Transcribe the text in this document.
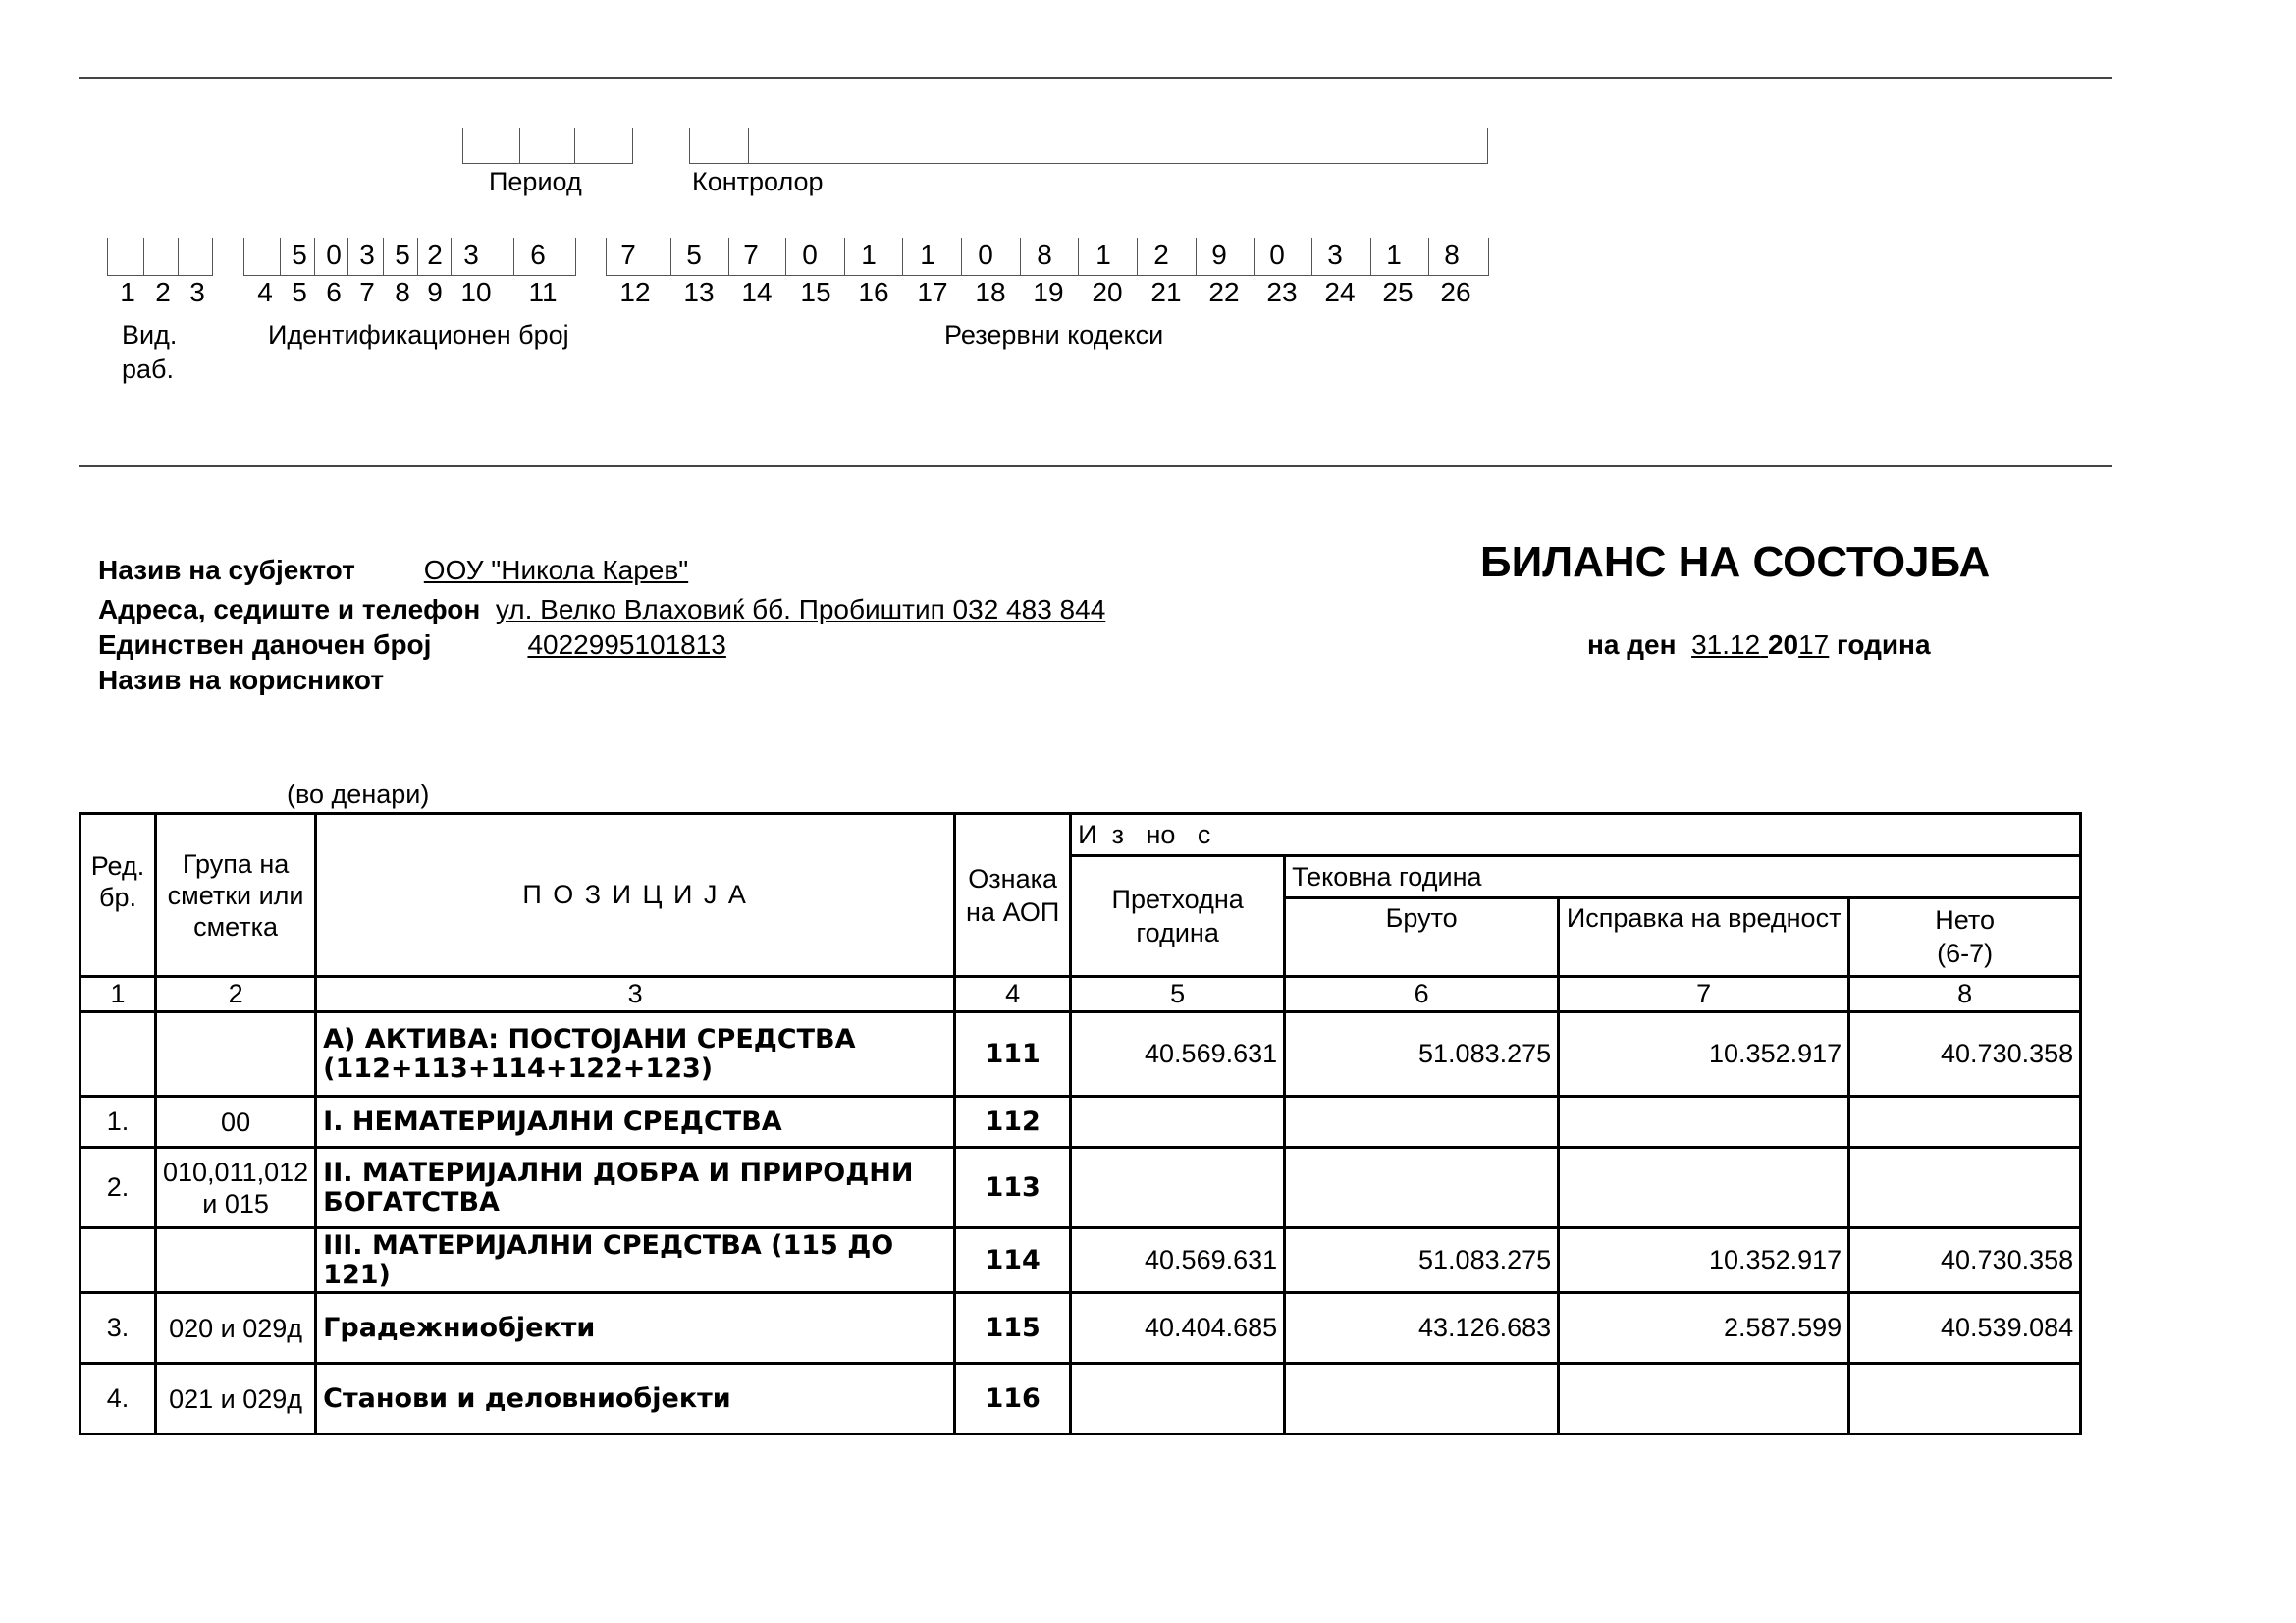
Период	Контролор
5 0 3 5 2 3	6	7	5	7	0	1	1	0	8	1	2	9	0	3	1	8
1 2 3	4 5 6 7 8 9 10 11 12 13 14 15 16 17 18 19 20 21 22 23 24 25 26
Вид.
раб.
Идентификационен број	Резервни кодекси
Назив на субјектот	ООУ "Никола Карев"
Адреса, седиште и телефон ул. Велко Влаховиќ бб. Пробиштип 032 483 844
Единствен даночен број	4022995101813
Назив на корисникот
БИЛАНС НА СОСТОЈБА
на ден 31.12 2017 година
(во денари)
Ред. бр.	Група на сметки или сметка	П О З И Ц И Ј А	Ознака на АОП	И  з   но   с			
				Претходна година	Тековна година		
					Бруто	Исправка на вредност	Нето
(6-7)
1	2	3	4	5	6	7	8
		А) АКТИВА: ПОСТОЈАНИ СРЕДСТВА (112+113+114+122+123)	111	40.569.631	51.083.275	10.352.917	40.730.358
1.	00	I. НЕМАТЕРИЈАЛНИ СРЕДСТВА	112				
2.	010,011,012 и 015	II. МАТЕРИЈАЛНИ ДОБРА И ПРИРОДНИ БОГАТСТВА	113				
		III. МАТЕРИЈАЛНИ СРЕДСТВА (115 ДО 121)	114	40.569.631	51.083.275	10.352.917	40.730.358
3.	020 и 029д	Градежниобјекти	115	40.404.685	43.126.683	2.587.599	40.539.084
4.	021 и 029д	Станови и деловниобјекти	116				
